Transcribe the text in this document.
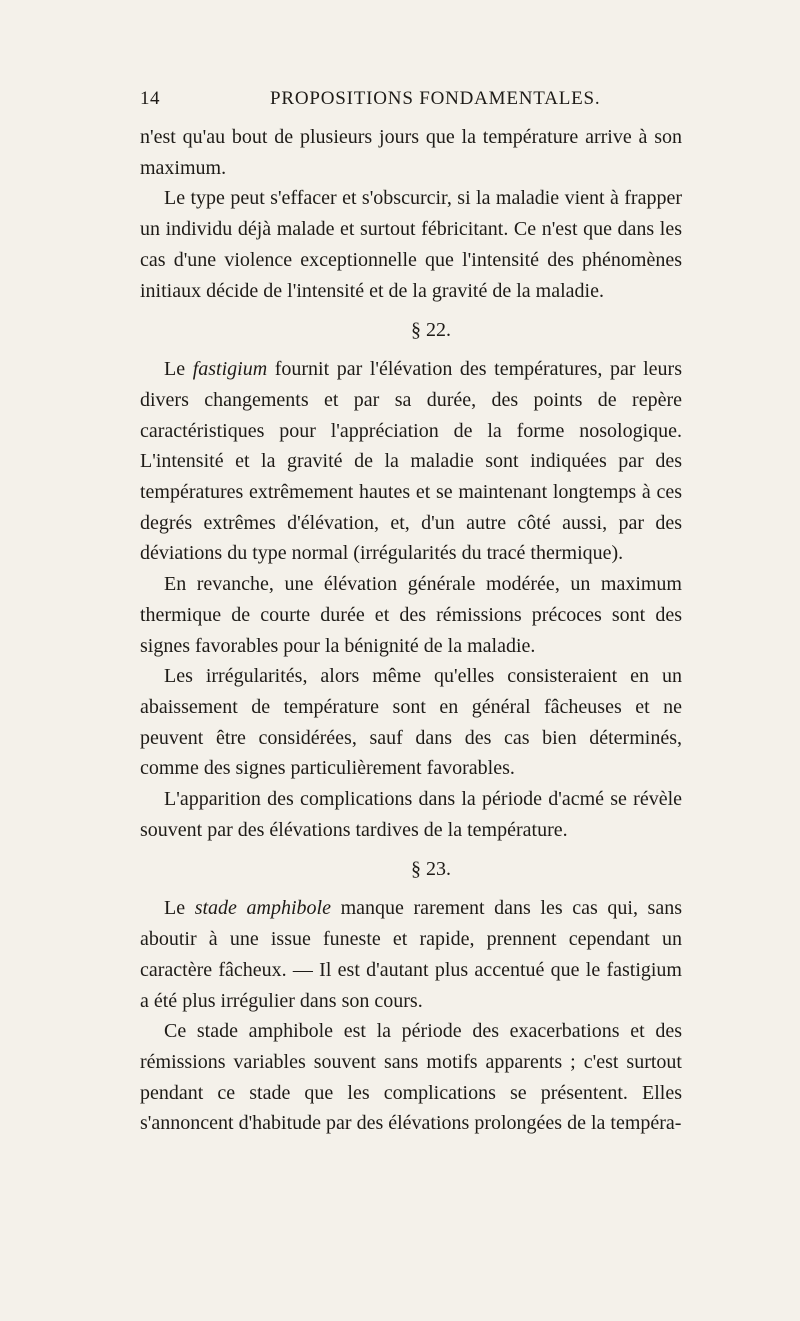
14	PROPOSITIONS FONDAMENTALES.

n'est qu'au bout de plusieurs jours que la température arrive à son maximum.

Le type peut s'effacer et s'obscurcir, si la maladie vient à frapper un individu déjà malade et surtout fébricitant. Ce n'est que dans les cas d'une violence exceptionnelle que l'intensité des phénomènes initiaux décide de l'intensité et de la gravité de la maladie.

§ 22.

Le fastigium fournit par l'élévation des températures, par leurs divers changements et par sa durée, des points de repère caractéristiques pour l'appréciation de la forme nosologique. L'intensité et la gravité de la maladie sont indiquées par des températures extrêmement hautes et se maintenant longtemps à ces degrés extrêmes d'élévation, et, d'un autre côté aussi, par des déviations du type normal (irrégularités du tracé thermique).

En revanche, une élévation générale modérée, un maximum thermique de courte durée et des rémissions précoces sont des signes favorables pour la bénignité de la maladie.

Les irrégularités, alors même qu'elles consisteraient en un abaissement de température sont en général fâcheuses et ne peuvent être considérées, sauf dans des cas bien déterminés, comme des signes particulièrement favorables.

L'apparition des complications dans la période d'acmé se révèle souvent par des élévations tardives de la température.

§ 23.

Le stade amphibole manque rarement dans les cas qui, sans aboutir à une issue funeste et rapide, prennent cependant un caractère fâcheux. — Il est d'autant plus accentué que le fastigium a été plus irrégulier dans son cours.

Ce stade amphibole est la période des exacerbations et des rémissions variables souvent sans motifs apparents ; c'est surtout pendant ce stade que les complications se présentent. Elles s'annoncent d'habitude par des élévations prolongées de la tempéra-
